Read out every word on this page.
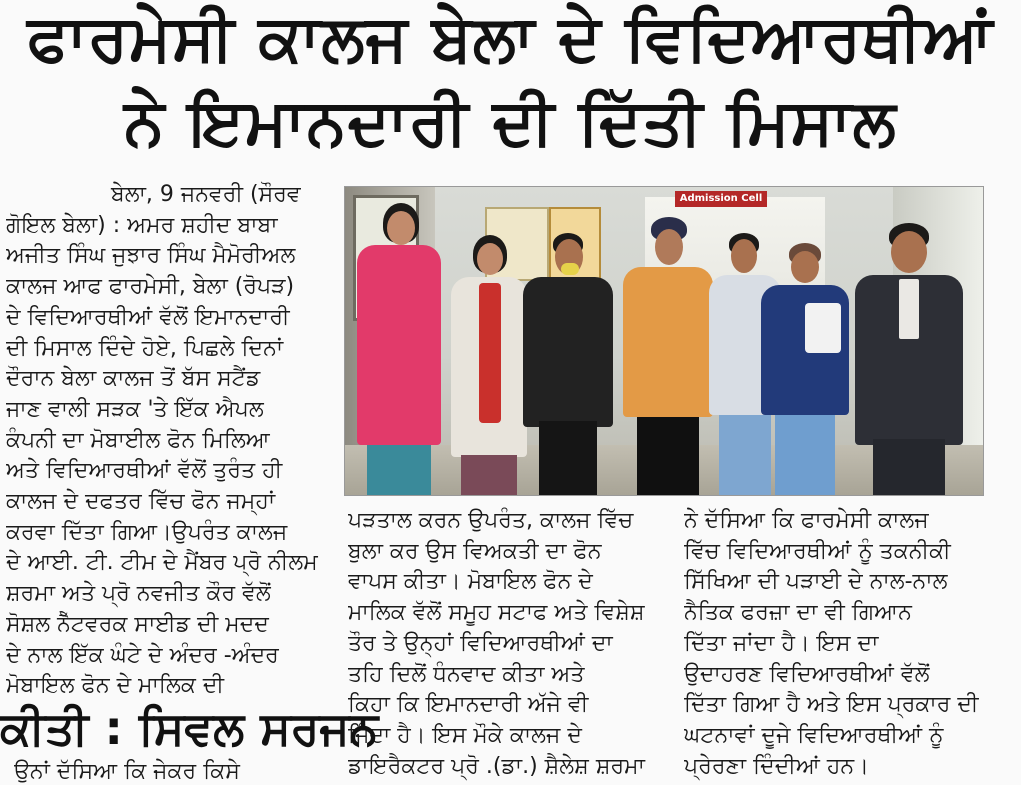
ਫਾਰਮੇਸੀ ਕਾਲਜ ਬੇਲਾ ਦੇ ਵਿਦਿਆਰਥੀਆਂ
ਨੇ ਇਮਾਨਦਾਰੀ ਦੀ ਦਿੱਤੀ ਮਿਸਾਲ

ਬੇਲਾ, 9 ਜਨਵਰੀ (ਸੌਰਵ

ਗੋਇਲ ਬੇਲਾ) : ਅਮਰ ਸ਼ਹੀਦ ਬਾਬਾ

ਅਜੀਤ ਸਿੰਘ ਜੁਝਾਰ ਸਿੰਘ ਮੈਮੋਰੀਅਲ

ਕਾਲਜ ਆਫ ਫਾਰਮੇਸੀ, ਬੇਲਾ (ਰੋਪੜ)

ਦੇ ਵਿਦਿਆਰਥੀਆਂ ਵੱਲੋਂ ਇਮਾਨਦਾਰੀ

ਦੀ ਮਿਸਾਲ ਦਿੰਦੇ ਹੋਏ, ਪਿਛਲੇ ਦਿਨਾਂ

ਦੌਰਾਨ ਬੇਲਾ ਕਾਲਜ ਤੋਂ ਬੱਸ ਸਟੈਂਡ

ਜਾਣ ਵਾਲੀ ਸੜਕ 'ਤੇ ਇੱਕ ਐਪਲ

ਕੰਪਨੀ ਦਾ ਮੋਬਾਈਲ ਫੋਨ ਮਿਲਿਆ

ਅਤੇ ਵਿਦਿਆਰਥੀਆਂ ਵੱਲੋਂ ਤੁਰੰਤ ਹੀ

ਕਾਲਜ ਦੇ ਦਫਤਰ ਵਿੱਚ ਫੋਨ ਜਮ੍ਹਾਂ

ਕਰਵਾ ਦਿੱਤਾ ਗਿਆ।ਉਪਰੰਤ ਕਾਲਜ

ਦੇ ਆਈ. ਟੀ. ਟੀਮ ਦੇ ਮੈਂਬਰ ਪ੍ਰੋ ਨੀਲਮ

ਸ਼ਰਮਾ ਅਤੇ ਪ੍ਰੋ ਨਵਜੀਤ ਕੌਰ ਵੱਲੋਂ

ਸੋਸ਼ਲ ਨੈੱਟਵਰਕ ਸਾਈਡ ਦੀ ਮਦਦ

ਦੇ ਨਾਲ ਇੱਕ ਘੰਟੇ ਦੇ ਅੰਦਰ -ਅੰਦਰ

ਮੋਬਾਇਲ ਫੋਨ ਦੇ ਮਾਲਿਕ ਦੀ

Admission Cell

ਪੜਤਾਲ ਕਰਨ ਉਪਰੰਤ, ਕਾਲਜ ਵਿੱਚ

ਬੁਲਾ ਕਰ ਉਸ ਵਿਅਕਤੀ ਦਾ ਫੋਨ

ਵਾਪਸ ਕੀਤਾ। ਮੋਬਾਇਲ ਫੋਨ ਦੇ

ਮਾਲਿਕ ਵੱਲੋਂ ਸਮੂਹ ਸਟਾਫ ਅਤੇ ਵਿਸ਼ੇਸ਼

ਤੌਰ ਤੇ ਉਨ੍ਹਾਂ ਵਿਦਿਆਰਥੀਆਂ ਦਾ

ਤਹਿ ਦਿਲੋਂ ਧੰਨਵਾਦ ਕੀਤਾ ਅਤੇ

ਕਿਹਾ ਕਿ ਇਮਾਨਦਾਰੀ ਅੱਜੇ ਵੀ

ਜਿੰਦਾ ਹੈ। ਇਸ ਮੌਕੇ ਕਾਲਜ ਦੇ

ਡਾਇਰੈਕਟਰ ਪ੍ਰੋ .(ਡਾ.) ਸ਼ੈਲੇਸ਼ ਸ਼ਰਮਾ

ਨੇ ਦੱਸਿਆ ਕਿ ਫਾਰਮੇਸੀ ਕਾਲਜ

ਵਿੱਚ ਵਿਦਿਆਰਥੀਆਂ ਨੂੰ ਤਕਨੀਕੀ

ਸਿੱਖਿਆ ਦੀ ਪੜਾਈ ਦੇ ਨਾਲ-ਨਾਲ

ਨੈਤਿਕ ਫਰਜ਼ਾ ਦਾ ਵੀ ਗਿਆਨ

ਦਿੱਤਾ ਜਾਂਦਾ ਹੈ। ਇਸ ਦਾ

ਉਦਾਹਰਣ ਵਿਦਿਆਰਥੀਆਂ ਵੱਲੋਂ

ਦਿੱਤਾ ਗਿਆ ਹੈ ਅਤੇ ਇਸ ਪ੍ਰਕਾਰ ਦੀ

ਘਟਨਾਵਾਂ ਦੂਜੇ ਵਿਦਿਆਰਥੀਆਂ ਨੂੰ

ਪ੍ਰੇਰਣਾ ਦਿੰਦੀਆਂ ਹਨ।

ਕੀਤੀ : ਸਿਵਲ ਸਰਜਨ
ਉਨਾਂ ਦੱਸਿਆ ਕਿ ਜੇਕਰ ਕਿਸੇ
